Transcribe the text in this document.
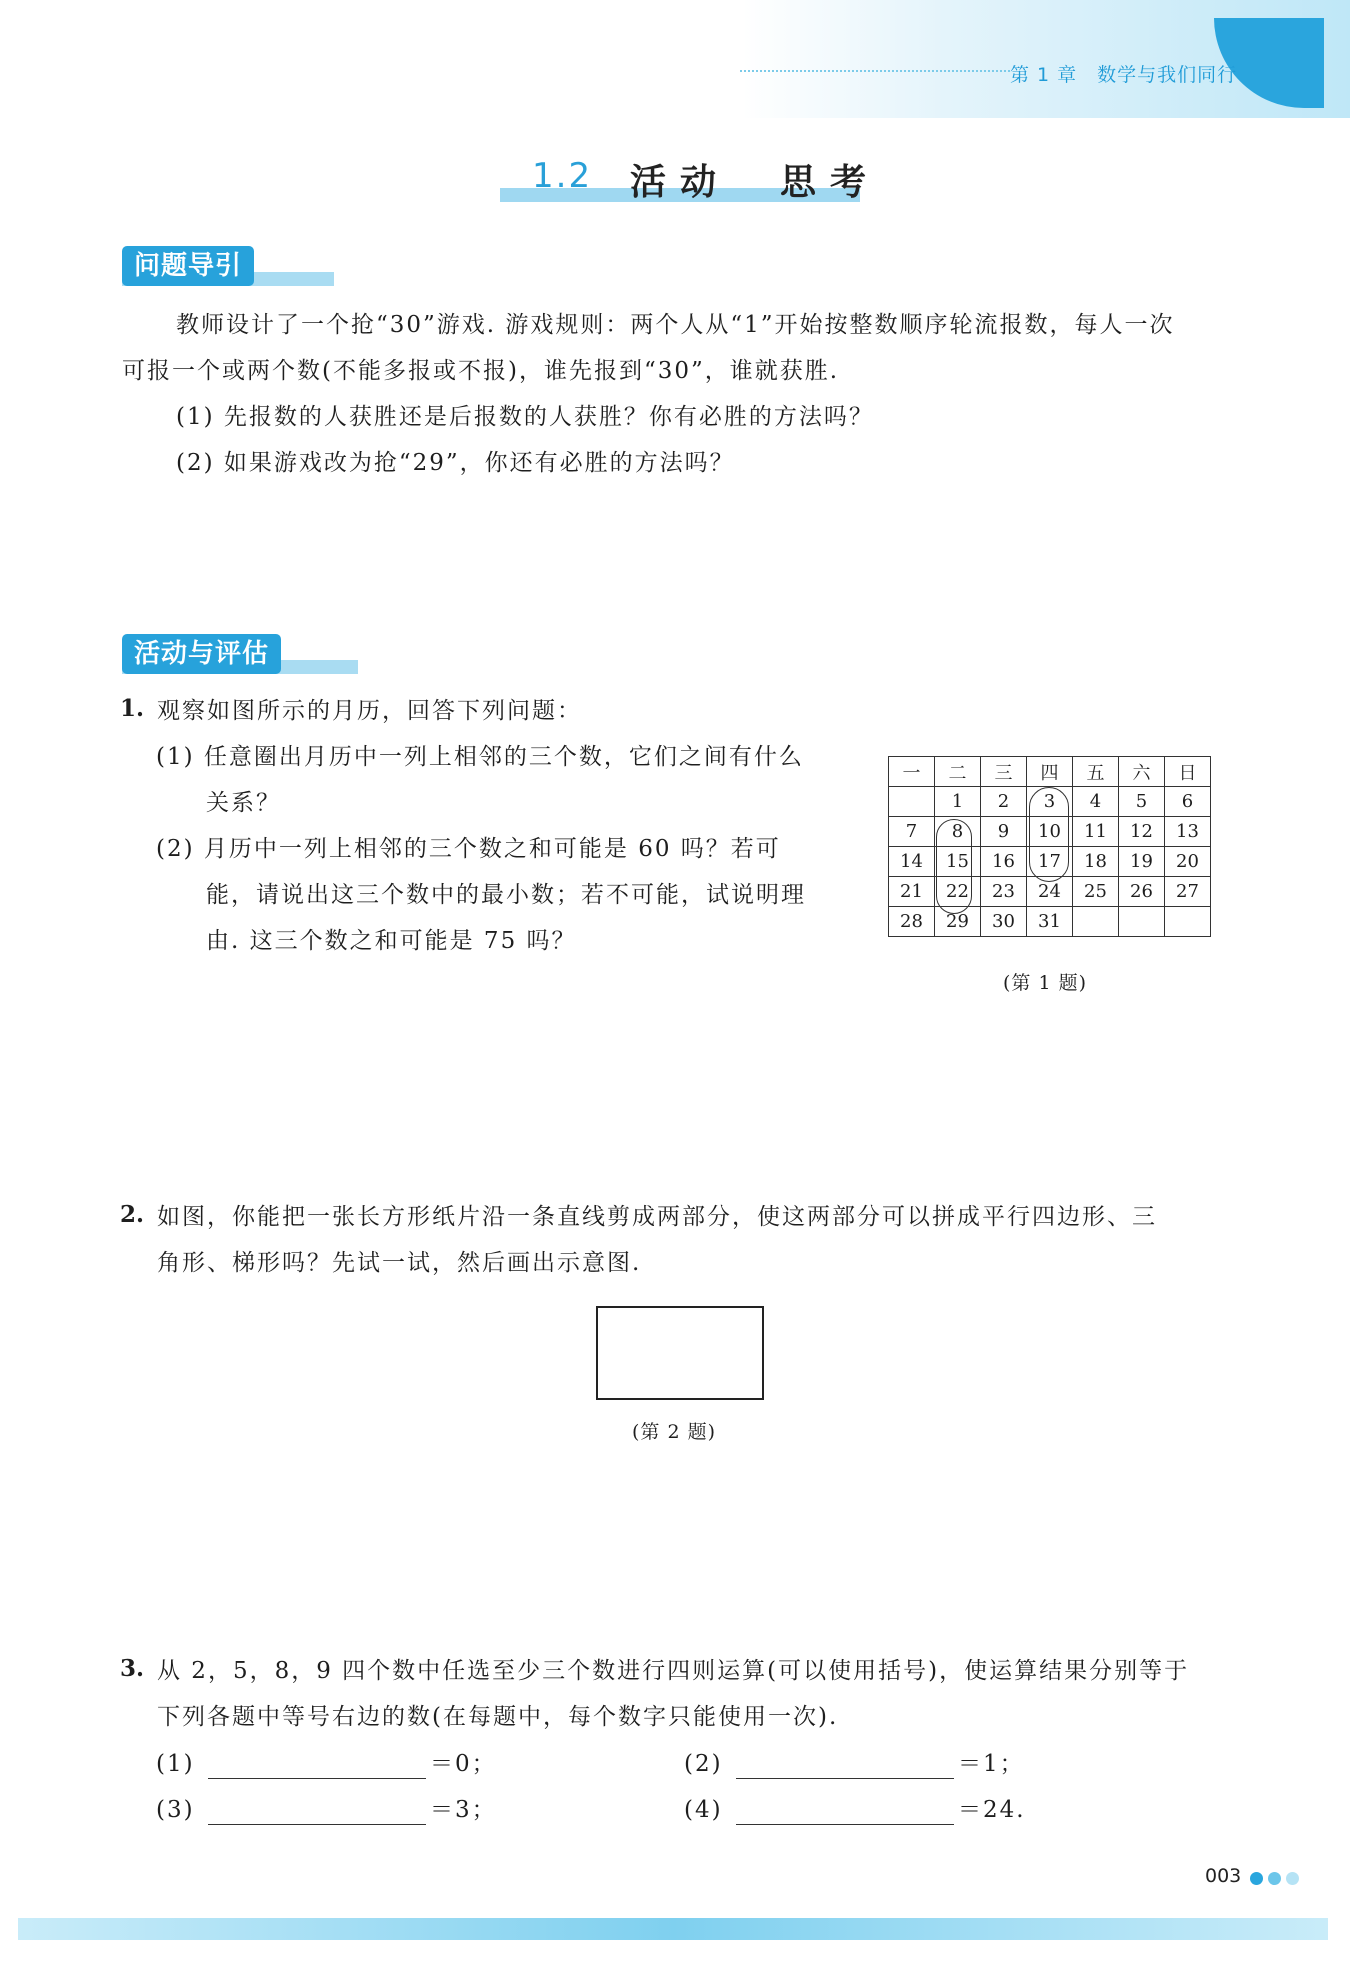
第 1 章　数学与我们同行
1.2 活动　思考
问题导引
教师设计了一个抢“30”游戏. 游戏规则：两个人从“1”开始按整数顺序轮流报数，每人一次
可报一个或两个数(不能多报或不报)，谁先报到“30”，谁就获胜.
(1) 先报数的人获胜还是后报数的人获胜？你有必胜的方法吗？
(2) 如果游戏改为抢“29”，你还有必胜的方法吗？
活动与评估
1. 观察如图所示的月历，回答下列问题：
(1) 任意圈出月历中一列上相邻的三个数，它们之间有什么
关系？
(2) 月历中一列上相邻的三个数之和可能是 60 吗？若可
能，请说出这三个数中的最小数；若不可能，试说明理
由. 这三个数之和可能是 75 吗？
一	二	三	四	五	六	日
	1	2	3	4	5	6
7	8	9	10	11	12	13
14	15	16	17	18	19	20
21	22	23	24	25	26	27
28	29	30	31			
(第 1 题)
2. 如图，你能把一张长方形纸片沿一条直线剪成两部分，使这两部分可以拼成平行四边形、三
角形、梯形吗？先试一试，然后画出示意图.
(第 2 题)
3. 从 2，5，8，9 四个数中任选至少三个数进行四则运算(可以使用括号)，使运算结果分别等于
下列各题中等号右边的数(在每题中，每个数字只能使用一次).
(1)	＝0；	(2)	＝1；
(3)	＝3；	(4)	＝24.
003
